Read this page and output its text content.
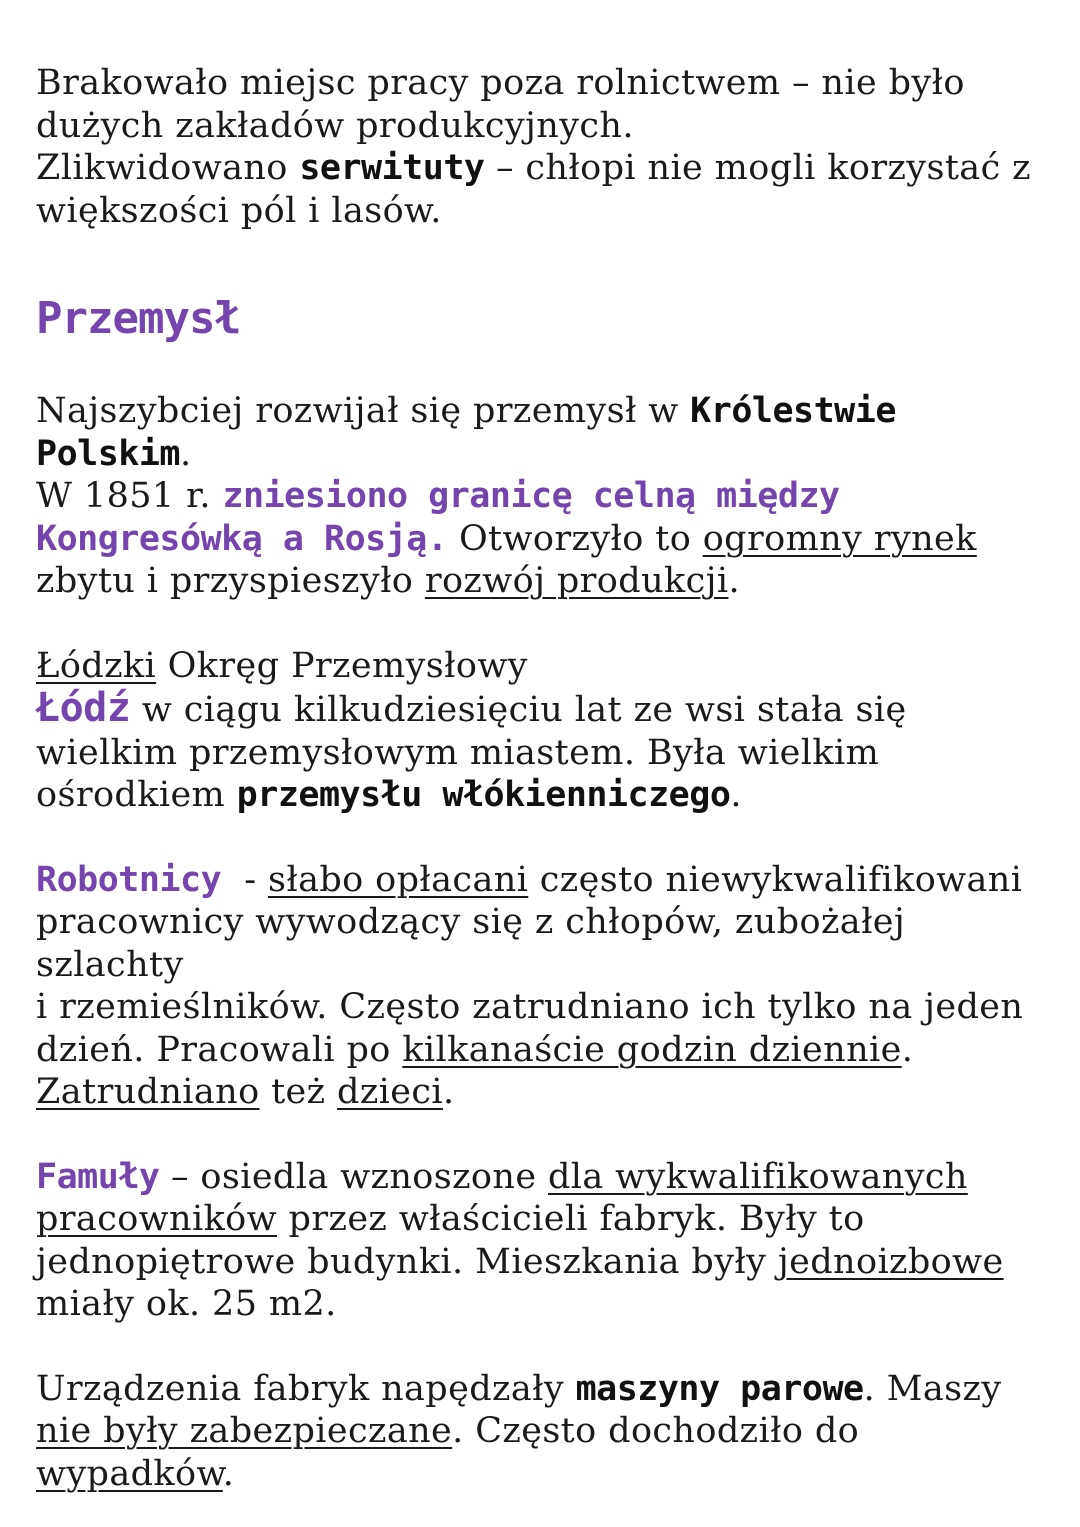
Brakowało miejsc pracy poza rolnictwem – nie było
dużych zakładów produkcyjnych.
Zlikwidowano serwituty – chłopi nie mogli korzystać z
większości pól i lasów.

Przemysł

Najszybciej rozwijał się przemysł w Królestwie Polskim.
W 1851 r. zniesiono granicę celną między
Kongresówką a Rosją. Otworzyło to ogromny rynek
zbytu i przyspieszyło rozwój produkcji.

Łódzki Okręg Przemysłowy
Łódź w ciągu kilkudziesięciu lat ze wsi stała się
wielkim przemysłowym miastem. Była wielkim
ośrodkiem przemysłu włókienniczego.

Robotnicy  - słabo opłacani często niewykwalifikowani
pracownicy wywodzący się z chłopów, zubożałej szlachty
i rzemieślników. Często zatrudniano ich tylko na jeden
dzień. Pracowali po kilkanaście godzin dziennie.
Zatrudniano też dzieci.

Famuły – osiedla wznoszone dla wykwalifikowanych
pracowników przez właścicieli fabryk. Były to
jednopiętrowe budynki. Mieszkania były jednoizbowe
miały ok. 25 m2.

Urządzenia fabryk napędzały maszyny parowe. Maszy
nie były zabezpieczane. Często dochodziło do wypadków.
